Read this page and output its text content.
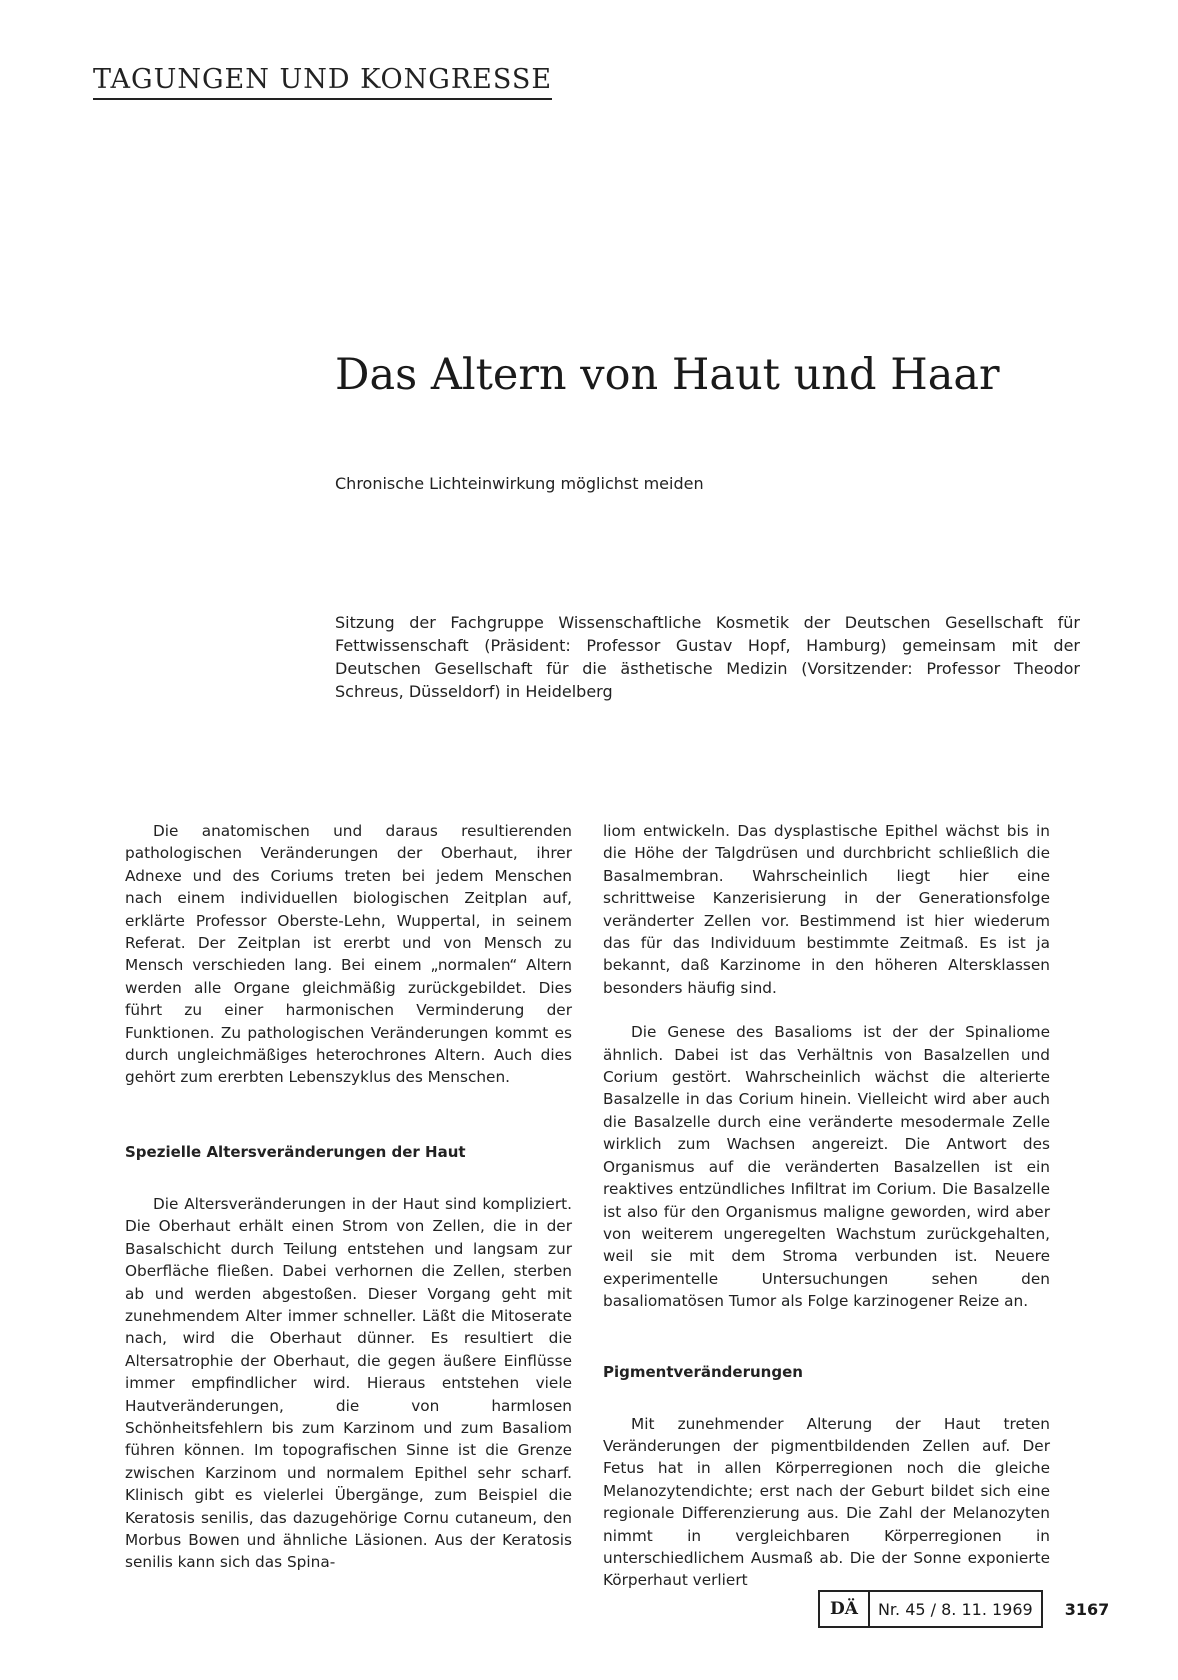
TAGUNGEN UND KONGRESSE
Das Altern von Haut und Haar
Chronische Lichteinwirkung möglichst meiden

Sitzung der Fachgruppe Wissenschaftliche Kosmetik der Deutschen Gesellschaft für Fettwissenschaft (Präsident: Professor Gustav Hopf, Hamburg) gemeinsam mit der Deutschen Gesellschaft für die ästhetische Medizin (Vorsitzender: Professor Theodor Schreus, Düsseldorf) in Heidelberg

Die anatomischen und daraus resultierenden pathologischen Veränderungen der Oberhaut, ihrer Adnexe und des Coriums treten bei jedem Menschen nach einem individuellen biologischen Zeitplan auf, erklärte Professor Oberste-Lehn, Wuppertal, in seinem Referat. Der Zeitplan ist ererbt und von Mensch zu Mensch verschieden lang. Bei einem „normalen“ Altern werden alle Organe gleichmäßig zurückgebildet. Dies führt zu einer harmonischen Verminderung der Funktionen. Zu pathologischen Veränderungen kommt es durch ungleichmäßiges heterochrones Altern. Auch dies gehört zum ererbten Lebenszyklus des Menschen.

Spezielle Altersveränderungen der Haut

Die Altersveränderungen in der Haut sind kompliziert. Die Oberhaut erhält einen Strom von Zellen, die in der Basalschicht durch Teilung entstehen und langsam zur Oberfläche fließen. Dabei verhornen die Zellen, sterben ab und werden abgestoßen. Dieser Vorgang geht mit zunehmendem Alter immer schneller. Läßt die Mitoserate nach, wird die Oberhaut dünner. Es resultiert die Altersatrophie der Oberhaut, die gegen äußere Einflüsse immer empfindlicher wird. Hieraus entstehen viele Hautveränderungen, die von harmlosen Schönheitsfehlern bis zum Karzinom und zum Basaliom führen können. Im topografischen Sinne ist die Grenze zwischen Karzinom und normalem Epithel sehr scharf. Klinisch gibt es vielerlei Übergänge, zum Beispiel die Keratosis senilis, das dazugehörige Cornu cutaneum, den Morbus Bowen und ähnliche Läsionen. Aus der Keratosis senilis kann sich das Spina-

liom entwickeln. Das dysplastische Epithel wächst bis in die Höhe der Talgdrüsen und durchbricht schließlich die Basalmembran. Wahrscheinlich liegt hier eine schrittweise Kanzerisierung in der Generationsfolge veränderter Zellen vor. Bestimmend ist hier wiederum das für das Individuum bestimmte Zeitmaß. Es ist ja bekannt, daß Karzinome in den höheren Altersklassen besonders häufig sind.

Die Genese des Basalioms ist der der Spinaliome ähnlich. Dabei ist das Verhältnis von Basalzellen und Corium gestört. Wahrscheinlich wächst die alterierte Basalzelle in das Corium hinein. Vielleicht wird aber auch die Basalzelle durch eine veränderte mesodermale Zelle wirklich zum Wachsen angereizt. Die Antwort des Organismus auf die veränderten Basalzellen ist ein reaktives entzündliches Infiltrat im Corium. Die Basalzelle ist also für den Organismus maligne geworden, wird aber von weiterem ungeregelten Wachstum zurückgehalten, weil sie mit dem Stroma verbunden ist. Neuere experimentelle Untersuchungen sehen den basaliomatösen Tumor als Folge karzinogener Reize an.

Pigmentveränderungen

Mit zunehmender Alterung der Haut treten Veränderungen der pigmentbildenden Zellen auf. Der Fetus hat in allen Körperregionen noch die gleiche Melanozytendichte; erst nach der Geburt bildet sich eine regionale Differenzierung aus. Die Zahl der Melanozyten nimmt in vergleichbaren Körperregionen in unterschiedlichem Ausmaß ab. Die der Sonne exponierte Körperhaut verliert

DÄ	Nr. 45 / 8. 11. 1969	3167
